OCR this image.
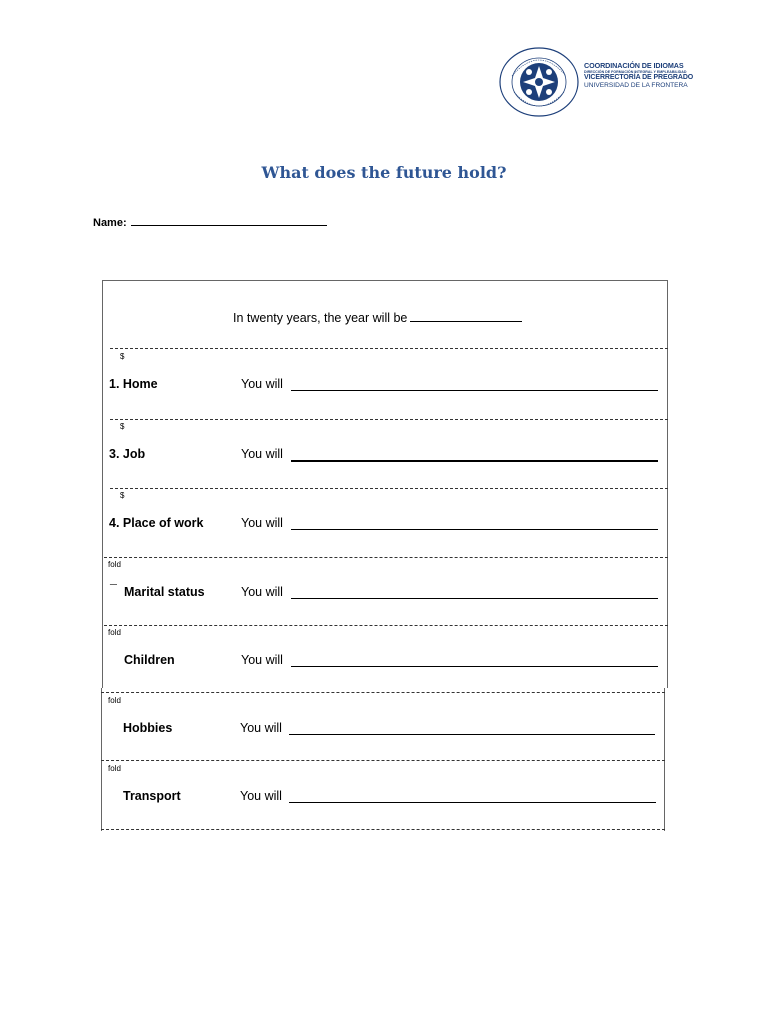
COORDINACIÓN DE IDIOMAS
DIRECCIÓN DE FORMACIÓN INTEGRAL Y EMPLEABILIDAD
VICERRECTORÍA DE PREGRADO
UNIVERSIDAD DE LA FRONTERA
What does the future hold?
Name:
In twenty years, the year will be
$
1. Home	You will
$
3. Job	You will
$
4. Place of work	You will
fold
¯ Marital status	You will
fold
Children	You will
fold
Hobbies	You will
fold
Transport	You will
